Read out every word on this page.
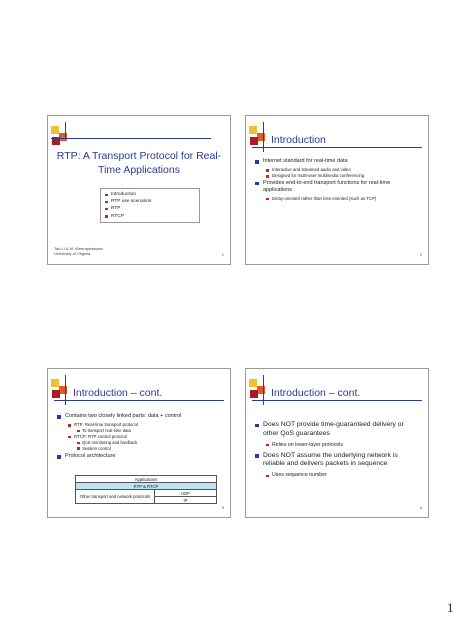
RTP: A Transport Protocol for Real-Time Applications
Introduction
RTP use scenarios
RTP
RTCP
Tao Li & M. Weeraphaswan
University of Virginia	1
Introduction
Internet standard for real-time data
Interactive and streamed audio and video
Designed for multi-user multimedia conferencing
Provides end-to-end transport functions for real-time applications
Delay-oriented rather than loss-oriented (such as TCP)
2
Introduction – cont.
Contains two closely linked parts: data + control
RTP: Real-time transport protocol
To transport real-time data
RTCP: RTP control protocol
QoS monitoring and feedback
Session control
Protocol architecture
Applications
RTP & RTCP
Other transport and network protocols	UDP
IP
3
Introduction – cont.
Does NOT provide time-guaranteed delivery or other QoS guarantees
Relies on lower-layer protocols
Does NOT assume the underlying network is reliable and delivers packets in sequence
Uses sequence number
4
1
